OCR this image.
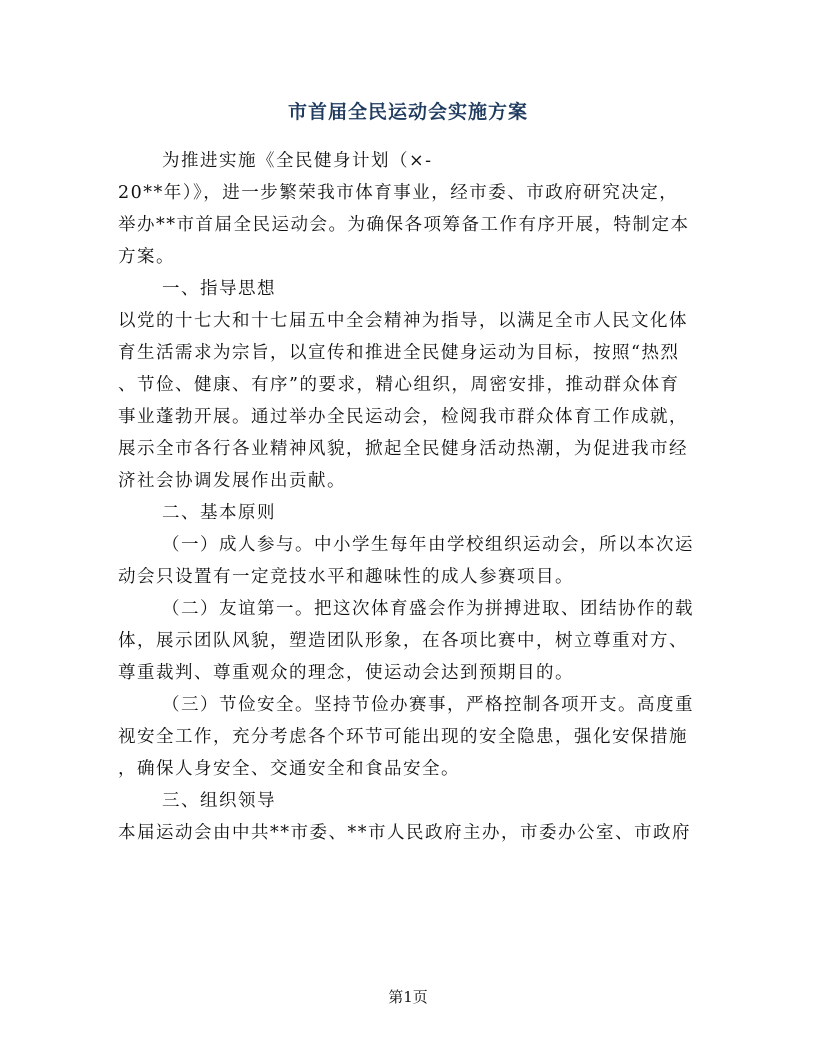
市首届全民运动会实施方案

为推进实施《全民健身计划（×-
20**年）》，进一步繁荣我市体育事业，经市委、市政府研究决定，
举办**市首届全民运动会。为确保各项筹备工作有序开展，特制定本
方案。

一、指导思想

以党的十七大和十七届五中全会精神为指导，以满足全市人民文化体
育生活需求为宗旨，以宣传和推进全民健身运动为目标，按照“热烈
、节俭、健康、有序”的要求，精心组织，周密安排，推动群众体育
事业蓬勃开展。通过举办全民运动会，检阅我市群众体育工作成就，
展示全市各行各业精神风貌，掀起全民健身活动热潮，为促进我市经
济社会协调发展作出贡献。

二、基本原则

（一）成人参与。中小学生每年由学校组织运动会，所以本次运
动会只设置有一定竞技水平和趣味性的成人参赛项目。

（二）友谊第一。把这次体育盛会作为拼搏进取、团结协作的载
体，展示团队风貌，塑造团队形象，在各项比赛中，树立尊重对方、
尊重裁判、尊重观众的理念，使运动会达到预期目的。

（三）节俭安全。坚持节俭办赛事，严格控制各项开支。高度重
视安全工作，充分考虑各个环节可能出现的安全隐患，强化安保措施
，确保人身安全、交通安全和食品安全。

三、组织领导

本届运动会由中共**市委、**市人民政府主办，市委办公室、市政府

第1页
